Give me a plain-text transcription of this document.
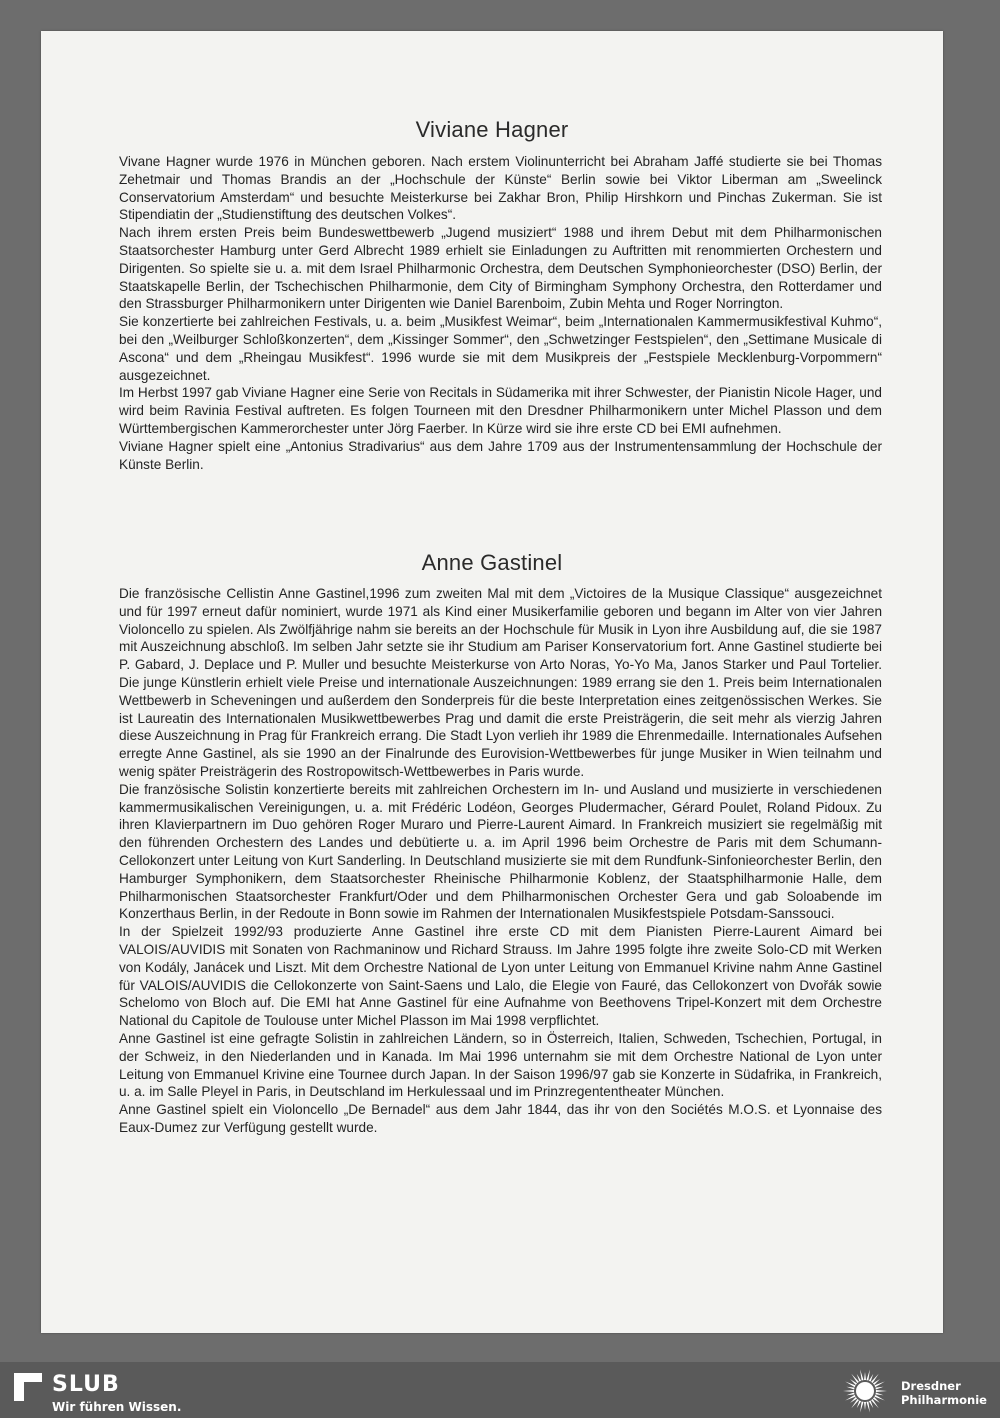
Viviane Hagner

Vivane Hagner wurde 1976 in München geboren. Nach erstem Violinunterricht bei Abraham Jaffé studierte sie bei Thomas Zehetmair und Thomas Brandis an der „Hochschule der Künste“ Berlin sowie bei Viktor Liberman am „Sweelinck Conservatorium Amsterdam“ und besuchte Meisterkurse bei Zakhar Bron, Philip Hirshkorn und Pinchas Zukerman. Sie ist Stipendiatin der „Studienstiftung des deutschen Volkes“.

Nach ihrem ersten Preis beim Bundeswettbewerb „Jugend musiziert“ 1988 und ihrem Debut mit dem Philharmonischen Staatsorchester Hamburg unter Gerd Albrecht 1989 erhielt sie Einladungen zu Auftritten mit renommierten Orchestern und Dirigenten. So spielte sie u. a. mit dem Israel Philharmonic Orchestra, dem Deutschen Symphonieorchester (DSO) Berlin, der Staatskapelle Berlin, der Tschechischen Philharmonie, dem City of Birmingham Symphony Orchestra, den Rotterdamer und den Strassburger Philharmonikern unter Dirigenten wie Daniel Barenboim, Zubin Mehta und Roger Norrington.

Sie konzertierte bei zahlreichen Festivals, u. a. beim „Musikfest Weimar“, beim „Internationalen Kammermusikfestival Kuhmo“, bei den „Weilburger Schloßkonzerten“, dem „Kissinger Sommer“, den „Schwetzinger Festspielen“, den „Settimane Musicale di Ascona“ und dem „Rheingau Musikfest“. 1996 wurde sie mit dem Musikpreis der „Festspiele Mecklenburg-Vorpommern“ ausgezeichnet.

Im Herbst 1997 gab Viviane Hagner eine Serie von Recitals in Südamerika mit ihrer Schwester, der Pianistin Nicole Hager, und wird beim Ravinia Festival auftreten. Es folgen Tourneen mit den Dresdner Philharmonikern unter Michel Plasson und dem Württembergischen Kammerorchester unter Jörg Faerber. In Kürze wird sie ihre erste CD bei EMI aufnehmen.

Viviane Hagner spielt eine „Antonius Stradivarius“ aus dem Jahre 1709 aus der Instrumentensammlung der Hochschule der Künste Berlin.

Anne Gastinel

Die französische Cellistin Anne Gastinel,1996 zum zweiten Mal mit dem „Victoires de la Musique Classique“ ausgezeichnet und für 1997 erneut dafür nominiert, wurde 1971 als Kind einer Musikerfamilie geboren und begann im Alter von vier Jahren Violoncello zu spielen. Als Zwölfjährige nahm sie bereits an der Hochschule für Musik in Lyon ihre Ausbildung auf, die sie 1987 mit Auszeichnung abschloß. Im selben Jahr setzte sie ihr Studium am Pariser Konservatorium fort. Anne Gastinel studierte bei P. Gabard, J. Deplace und P. Muller und besuchte Meisterkurse von Arto Noras, Yo-Yo Ma, Janos Starker und Paul Tortelier. Die junge Künstlerin erhielt viele Preise und internationale Auszeichnungen: 1989 errang sie den 1. Preis beim Internationalen Wettbewerb in Scheveningen und außerdem den Sonderpreis für die beste Interpretation eines zeitgenössischen Werkes. Sie ist Laureatin des Internationalen Musikwettbewerbes Prag und damit die erste Preisträgerin, die seit mehr als vierzig Jahren diese Auszeichnung in Prag für Frankreich errang. Die Stadt Lyon verlieh ihr 1989 die Ehrenmedaille. Internationales Aufsehen erregte Anne Gastinel, als sie 1990 an der Finalrunde des Eurovision-Wettbewerbes für junge Musiker in Wien teilnahm und wenig später Preisträgerin des Rostropowitsch-Wettbewerbes in Paris wurde.

Die französische Solistin konzertierte bereits mit zahlreichen Orchestern im In- und Ausland und musizierte in verschiedenen kammermusikalischen Vereinigungen, u. a. mit Frédéric Lodéon, Georges Pludermacher, Gérard Poulet, Roland Pidoux. Zu ihren Klavierpartnern im Duo gehören Roger Muraro und Pierre-Laurent Aimard. In Frankreich musiziert sie regelmäßig mit den führenden Orchestern des Landes und debütierte u. a. im April 1996 beim Orchestre de Paris mit dem Schumann-Cellokonzert unter Leitung von Kurt Sanderling. In Deutschland musizierte sie mit dem Rundfunk-Sinfonieorchester Berlin, den Hamburger Symphonikern, dem Staatsorchester Rheinische Philharmonie Koblenz, der Staatsphilharmonie Halle, dem Philharmonischen Staatsorchester Frankfurt/Oder und dem Philharmonischen Orchester Gera und gab Soloabende im Konzerthaus Berlin, in der Redoute in Bonn sowie im Rahmen der Internationalen Musikfestspiele Potsdam-Sanssouci.

In der Spielzeit 1992/93 produzierte Anne Gastinel ihre erste CD mit dem Pianisten Pierre-Laurent Aimard bei VALOIS/AUVIDIS mit Sonaten von Rachmaninow und Richard Strauss. Im Jahre 1995 folgte ihre zweite Solo-CD mit Werken von Kodály, Janácek und Liszt. Mit dem Orchestre National de Lyon unter Leitung von Emmanuel Krivine nahm Anne Gastinel für VALOIS/AUVIDIS die Cellokonzerte von Saint-Saens und Lalo, die Elegie von Fauré, das Cellokonzert von Dvořák sowie Schelomo von Bloch auf. Die EMI hat Anne Gastinel für eine Aufnahme von Beethovens Tripel-Konzert mit dem Orchestre National du Capitole de Toulouse unter Michel Plasson im Mai 1998 verpflichtet.

Anne Gastinel ist eine gefragte Solistin in zahlreichen Ländern, so in Österreich, Italien, Schweden, Tschechien, Portugal, in der Schweiz, in den Niederlanden und in Kanada. Im Mai 1996 unternahm sie mit dem Orchestre National de Lyon unter Leitung von Emmanuel Krivine eine Tournee durch Japan. In der Saison 1996/97 gab sie Konzerte in Südafrika, in Frankreich, u. a. im Salle Pleyel in Paris, in Deutschland im Herkulessaal und im Prinzregententheater München.

Anne Gastinel spielt ein Violoncello „De Bernadel“ aus dem Jahr 1844, das ihr von den Sociétés M.O.S. et Lyonnaise des Eaux-Dumez zur Verfügung gestellt wurde.

SLUB
Wir führen Wissen.
Dresdner
Philharmonie
